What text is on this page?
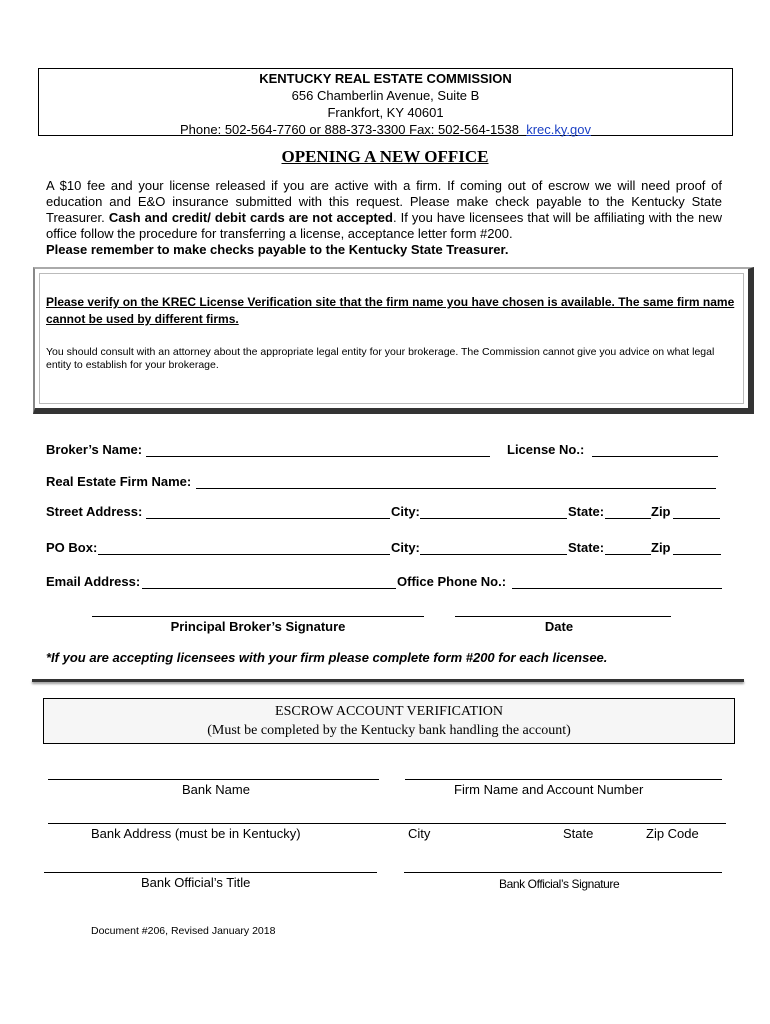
KENTUCKY REAL ESTATE COMMISSION
656 Chamberlin Avenue, Suite B
Frankfort, KY 40601
Phone: 502-564-7760 or 888-373-3300 Fax: 502-564-1538 krec.ky.gov
OPENING A NEW OFFICE
A $10 fee and your license released if you are active with a firm. If coming out of escrow we will need proof of education and E&O insurance submitted with this request. Please make check payable to the Kentucky State Treasurer. Cash and credit/ debit cards are not accepted. If you have licensees that will be affiliating with the new office follow the procedure for transferring a license, acceptance letter form #200.
Please remember to make checks payable to the Kentucky State Treasurer.
Please verify on the KREC License Verification site that the firm name you have chosen is available. The same firm name cannot be used by different firms.
You should consult with an attorney about the appropriate legal entity for your brokerage. The Commission cannot give you advice on what legal entity to establish for your brokerage.
Broker’s Name:	License No.:
Real Estate Firm Name:
Street Address:	City:	State:	Zip
PO Box:	City:	State:	Zip
Email Address:	Office Phone No.:
Principal Broker’s Signature	Date
*If you are accepting licensees with your firm please complete form #200 for each licensee.
ESCROW ACCOUNT VERIFICATION
(Must be completed by the Kentucky bank handling the account)
Bank Name	Firm Name and Account Number
Bank Address (must be in Kentucky)	City	State	Zip Code
Bank Official’s Title	Bank Official’s Signature
Document #206, Revised January 2018
